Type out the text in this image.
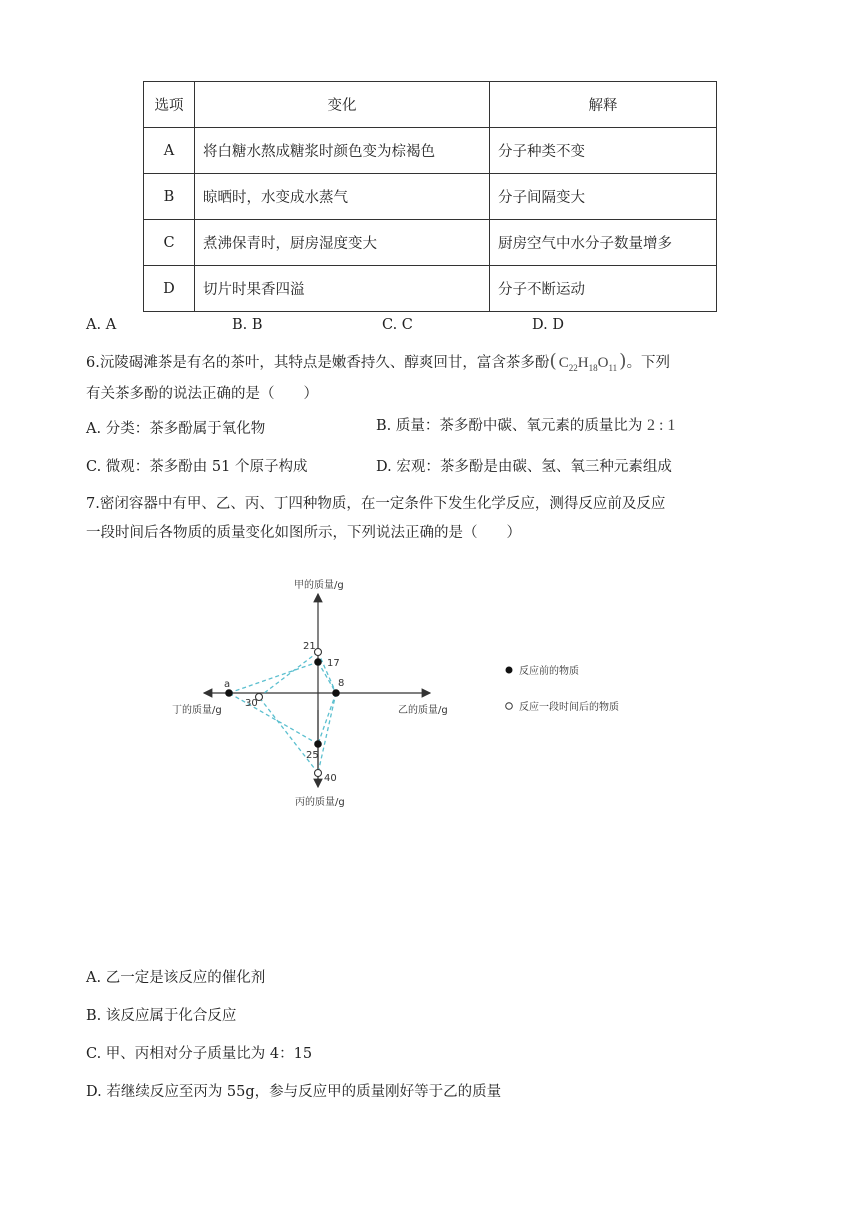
选项	变化	解释
A	将白糖水熬成糖浆时颜色变为棕褐色	分子种类不变
B	晾晒时，水变成水蒸气	分子间隔变大
C	煮沸保青时，厨房湿度变大	厨房空气中水分子数量增多
D	切片时果香四溢	分子不断运动
A. A	B. B	C. C	D. D
6.沅陵碣滩茶是有名的茶叶，其特点是嫩香持久、醇爽回甘，富含茶多酚( $C_{22}H_{18}O_{11}$ )。下列
有关茶多酚的说法正确的是（　　）
A. 分类：茶多酚属于氧化物	B. 质量：茶多酚中碳、氧元素的质量比为 2 : 1
C. 微观：茶多酚由 51 个原子构成	D. 宏观：茶多酚是由碳、氢、氧三种元素组成
7.密闭容器中有甲、乙、丙、丁四种物质，在一定条件下发生化学反应，测得反应前及反应
一段时间后各物质的质量变化如图所示，下列说法正确的是（　　）
甲的质量/g
丙的质量/g
丁的质量/g	乙的质量/g
21
17
8
25
40
a
30
反应前的物质
反应一段时间后的物质
A. 乙一定是该反应的催化剂
B. 该反应属于化合反应
C. 甲、丙相对分子质量比为 4：15
D. 若继续反应至丙为 55g，参与反应甲的质量刚好等于乙的质量
